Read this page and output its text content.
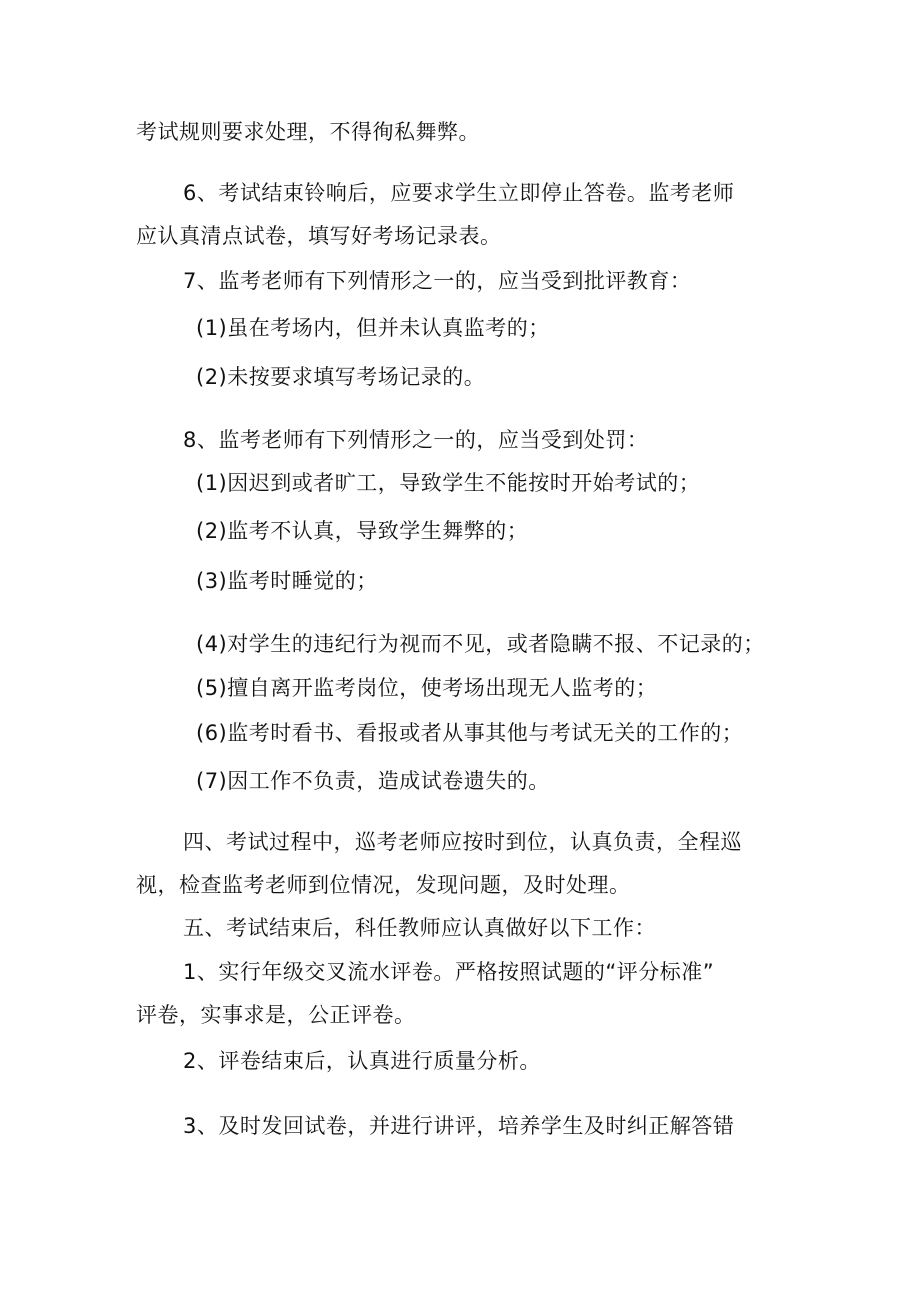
考试规则要求处理，不得徇私舞弊。
6、考试结束铃响后，应要求学生立即停止答卷。监考老师
应认真清点试卷，填写好考场记录表。
7、监考老师有下列情形之一的，应当受到批评教育：
(1)虽在考场内，但并未认真监考的；
(2)未按要求填写考场记录的。
8、监考老师有下列情形之一的，应当受到处罚：
(1)因迟到或者旷工，导致学生不能按时开始考试的；
(2)监考不认真，导致学生舞弊的；
(3)监考时睡觉的；
(4)对学生的违纪行为视而不见，或者隐瞒不报、不记录的；
(5)擅自离开监考岗位，使考场出现无人监考的；
(6)监考时看书、看报或者从事其他与考试无关的工作的；
(7)因工作不负责，造成试卷遗失的。
四、考试过程中，巡考老师应按时到位，认真负责，全程巡
视，检查监考老师到位情况，发现问题，及时处理。
五、考试结束后，科任教师应认真做好以下工作：
1、实行年级交叉流水评卷。严格按照试题的“评分标准”
评卷，实事求是，公正评卷。
2、评卷结束后，认真进行质量分析。
3、及时发回试卷，并进行讲评，培养学生及时纠正解答错
